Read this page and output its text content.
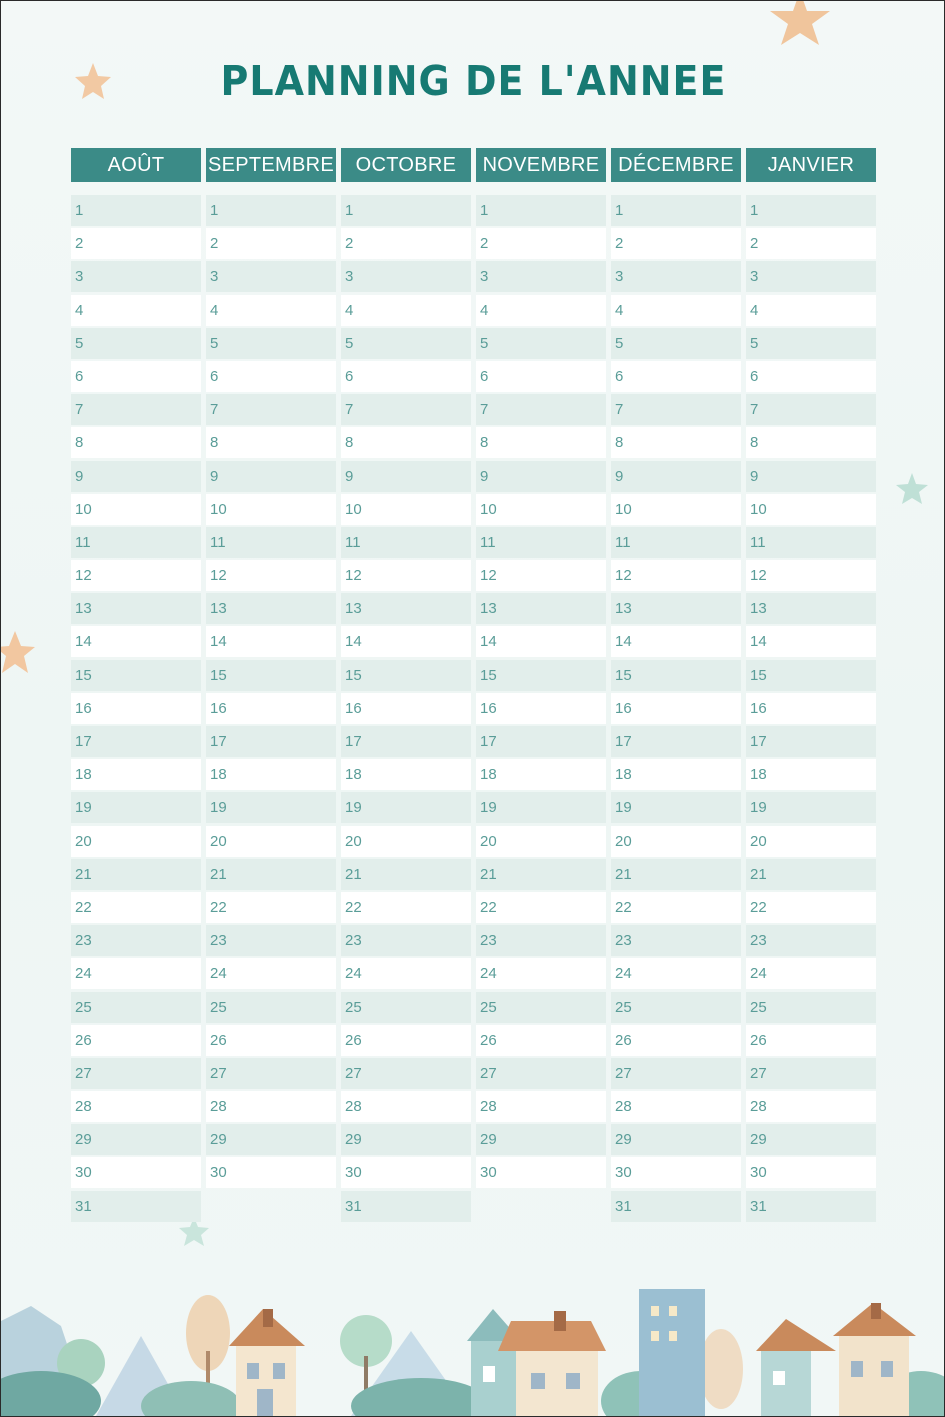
PLANNING DE L'ANNEE
AOÛT
1
2
3
4
5
6
7
8
9
10
11
12
13
14
15
16
17
18
19
20
21
22
23
24
25
26
27
28
29
30
31
SEPTEMBRE
1
2
3
4
5
6
7
8
9
10
11
12
13
14
15
16
17
18
19
20
21
22
23
24
25
26
27
28
29
30
OCTOBRE
1
2
3
4
5
6
7
8
9
10
11
12
13
14
15
16
17
18
19
20
21
22
23
24
25
26
27
28
29
30
31
NOVEMBRE
1
2
3
4
5
6
7
8
9
10
11
12
13
14
15
16
17
18
19
20
21
22
23
24
25
26
27
28
29
30
DÉCEMBRE
1
2
3
4
5
6
7
8
9
10
11
12
13
14
15
16
17
18
19
20
21
22
23
24
25
26
27
28
29
30
31
JANVIER
1
2
3
4
5
6
7
8
9
10
11
12
13
14
15
16
17
18
19
20
21
22
23
24
25
26
27
28
29
30
31
